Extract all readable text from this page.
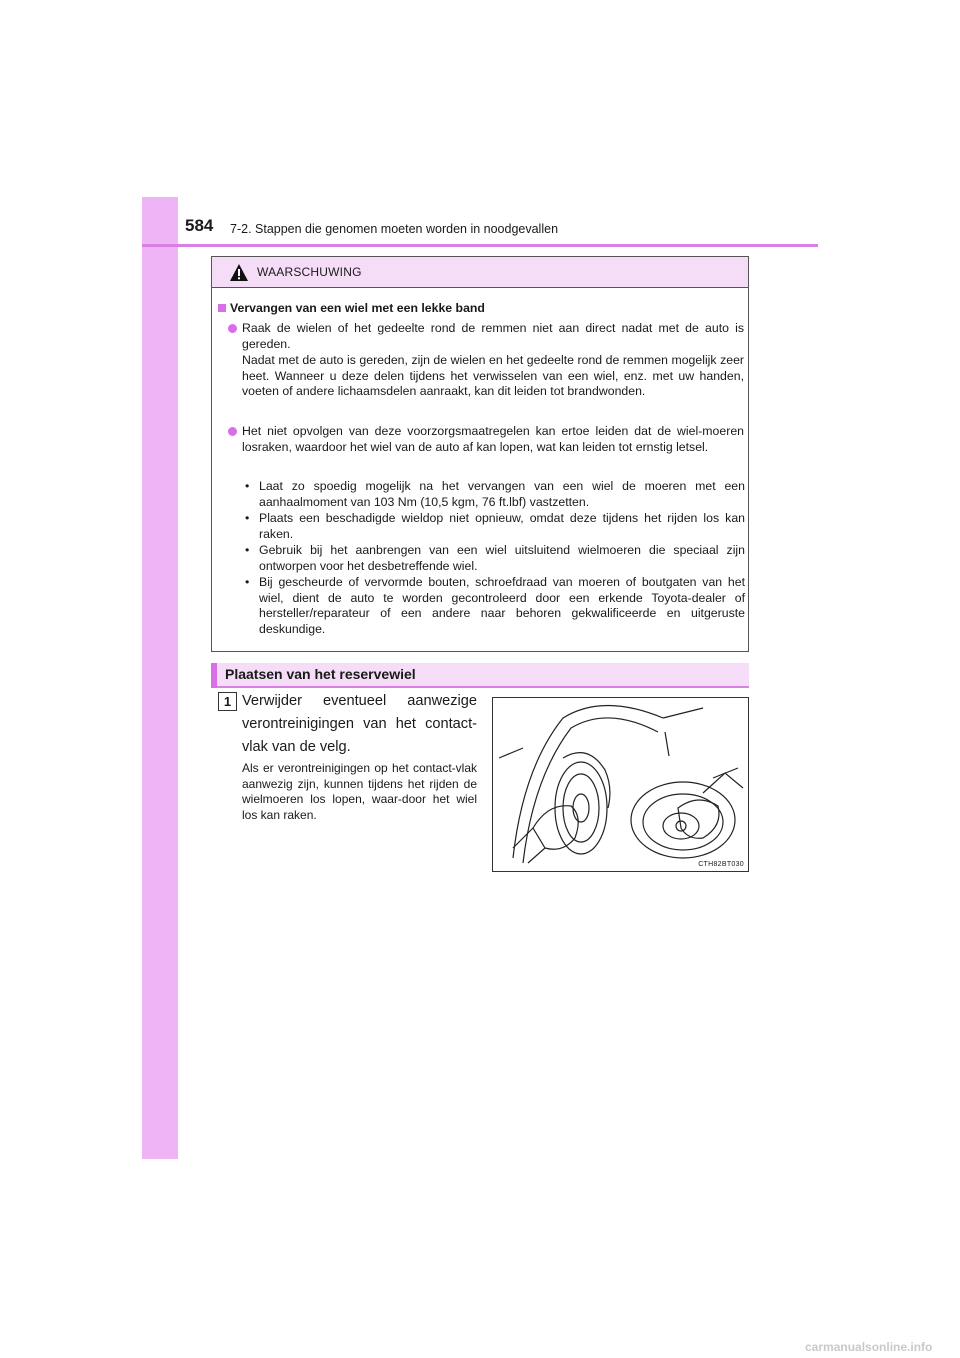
584 7-2. Stappen die genomen moeten worden in noodgevallen
WAARSCHUWING
Vervangen van een wiel met een lekke band
Raak de wielen of het gedeelte rond de remmen niet aan direct nadat met de auto is gereden.
Nadat met de auto is gereden, zijn de wielen en het gedeelte rond de remmen mogelijk zeer heet. Wanneer u deze delen tijdens het verwisselen van een wiel, enz. met uw handen, voeten of andere lichaamsdelen aanraakt, kan dit leiden tot brandwonden.
Het niet opvolgen van deze voorzorgsmaatregelen kan ertoe leiden dat de wiel-moeren losraken, waardoor het wiel van de auto af kan lopen, wat kan leiden tot ernstig letsel.
• Laat zo spoedig mogelijk na het vervangen van een wiel de moeren met een aanhaalmoment van 103 Nm (10,5 kgm, 76 ft.lbf) vastzetten.
• Plaats een beschadigde wieldop niet opnieuw, omdat deze tijdens het rijden los kan raken.
• Gebruik bij het aanbrengen van een wiel uitsluitend wielmoeren die speciaal zijn ontworpen voor het desbetreffende wiel.
• Bij gescheurde of vervormde bouten, schroefdraad van moeren of boutgaten van het wiel, dient de auto te worden gecontroleerd door een erkende Toyota-dealer of hersteller/reparateur of een andere naar behoren gekwalificeerde en uitgeruste deskundige.
Plaatsen van het reservewiel
1 Verwijder eventueel aanwezige verontreinigingen van het contact-vlak van de velg.
Als er verontreinigingen op het contact-vlak aanwezig zijn, kunnen tijdens het rijden de wielmoeren los lopen, waar-door het wiel los kan raken.
CTH82BT030
carmanualsonline.info
